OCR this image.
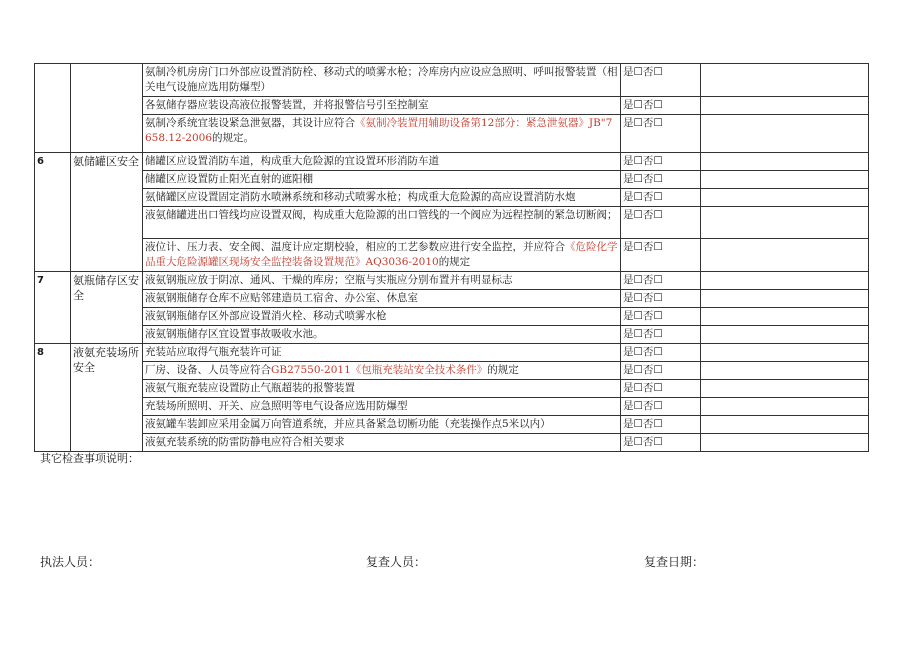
		氨制冷机房房门口外部应设置消防栓、移动式的喷雾水枪；冷库房内应设应急照明、呼叫报警装置（相关电气设施应选用防爆型）	是☐否☐	
		各氨储存器应装设高液位报警装置，并将报警信号引至控制室	是☐否☐	
		氨制冷系统宜装设紧急泄氨器，其设计应符合《氨制冷装置用辅助设备第12部分：紧急泄氨器》JB"7658.12-2006的规定。	是☐否☐	
6	氨储罐区安全	储罐区应设置消防车道，构成重大危险源的宜设置环形消防车道	是☐否☐	
		储罐区应设置防止阳光直射的遮阳棚	是☐否☐	
		氨储罐区应设置固定消防水喷淋系统和移动式喷雾水枪；构成重大危险源的高应设置消防水炮	是☐否☐	
		液氨储罐进出口管线均应设置双阀，构成重大危险源的出口管线的一个阀应为远程控制的紧急切断阀；	是☐否☐	
		液位计、压力表、安全阀、温度计应定期校验，相应的工艺参数应进行安全监控，并应符合《危险化学品重大危险源罐区现场安全监控装备设置规范》AQ3036-2010的规定	是☐否☐	
7	氨瓶储存区安全	液氨钢瓶应放于阴凉、通风、干燥的库房；空瓶与实瓶应分别布置并有明显标志	是☐否☐	
		液氨钢瓶储存仓库不应贴邻建造员工宿舍、办公室、休息室	是☐否☐	
		液氨钢瓶储存区外部应设置消火栓、移动式喷雾水枪	是☐否☐	
		液氨钢瓶储存区宜设置事故吸收水池。	是☐否☐	
8	液氨充装场所安全	充装站应取得气瓶充装许可证	是☐否☐	
		厂房、设备、人员等应符合GB27550-2011《包瓶充装站安全技术条件》的规定	是☐否☐	
		液氨气瓶充装应设置防止气瓶超装的报警装置	是☐否☐	
		充装场所照明、开关、应急照明等电气设备应选用防爆型	是☐否☐	
		液氨罐车装卸应采用金属万向管道系统，并应具备紧急切断功能（充装操作点5米以内）	是☐否☐	
		液氨充装系统的防雷防静电应符合相关要求	是☐否☐	
其它检查事项说明：
执法人员：	复查人员：	复查日期：
